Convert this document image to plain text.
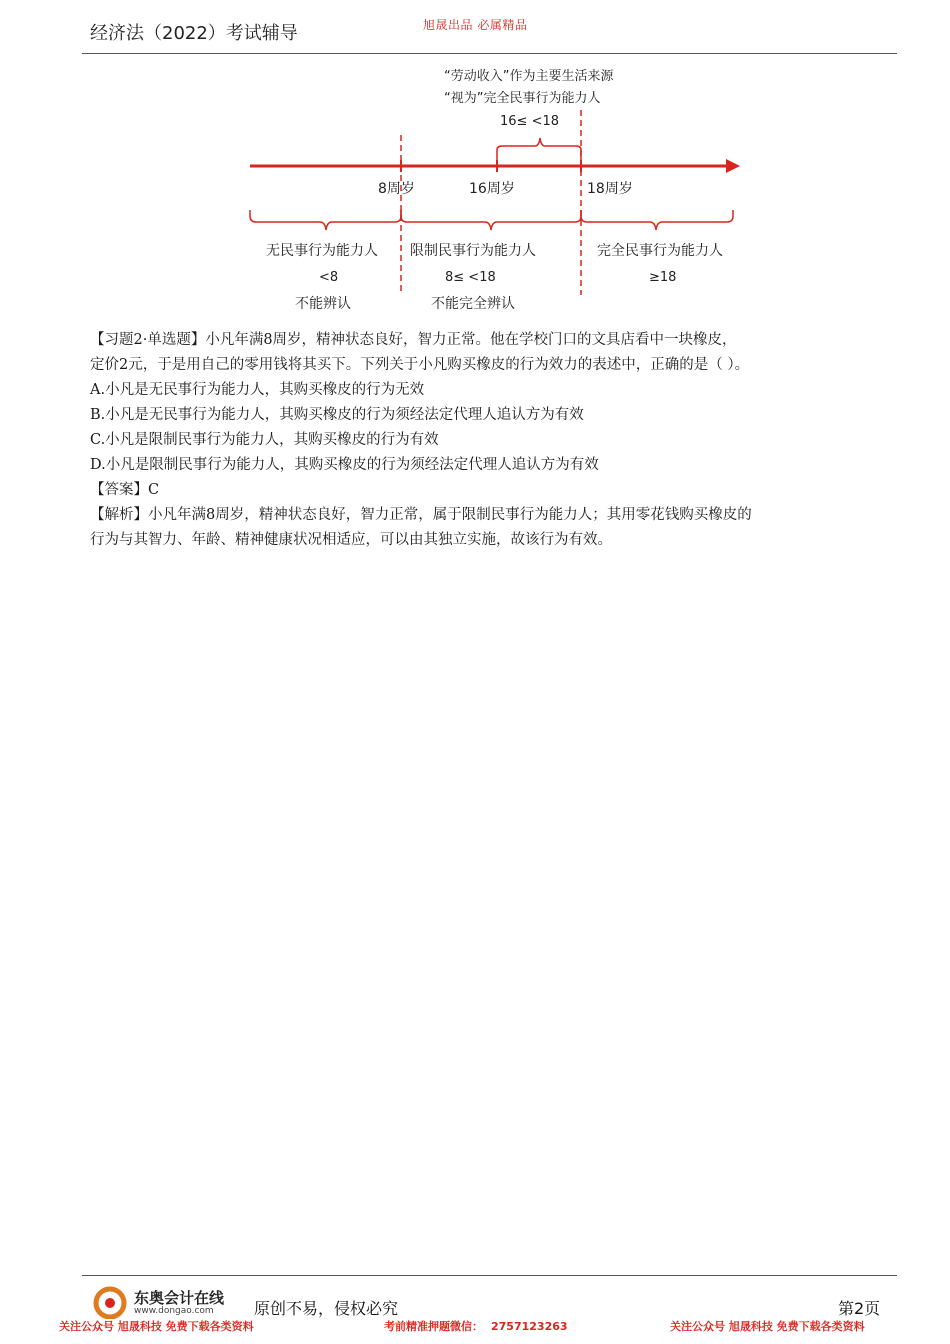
经济法（2022）考试辅导	旭晟出品 必属精品
“劳动收入”作为主要生活来源
“视为”完全民事行为能力人
16≤ <18
8周岁	16周岁	18周岁
无民事行为能力人
<8
不能辨认
限制民事行为能力人
8≤ <18
不能完全辨认
完全民事行为能力人
≥18

【习题2·单选题】小凡年满8周岁，精神状态良好，智力正常。他在学校门口的文具店看中一块橡皮，

定价2元，于是用自己的零用钱将其买下。下列关于小凡购买橡皮的行为效力的表述中，正确的是（ ）。

A.小凡是无民事行为能力人，其购买橡皮的行为无效

B.小凡是无民事行为能力人，其购买橡皮的行为须经法定代理人追认方为有效

C.小凡是限制民事行为能力人，其购买橡皮的行为有效

D.小凡是限制民事行为能力人，其购买橡皮的行为须经法定代理人追认方为有效

【答案】C

【解析】小凡年满8周岁，精神状态良好，智力正常，属于限制民事行为能力人；其用零花钱购买橡皮的

行为与其智力、年龄、精神健康状况相适应，可以由其独立实施，故该行为有效。

东奥会计在线
www.dongao.com	原创不易，侵权必究	第2页
关注公众号 旭晟科技 免费下载各类资料	考前精准押题微信： 2757123263	关注公众号 旭晟科技 免费下载各类资料
